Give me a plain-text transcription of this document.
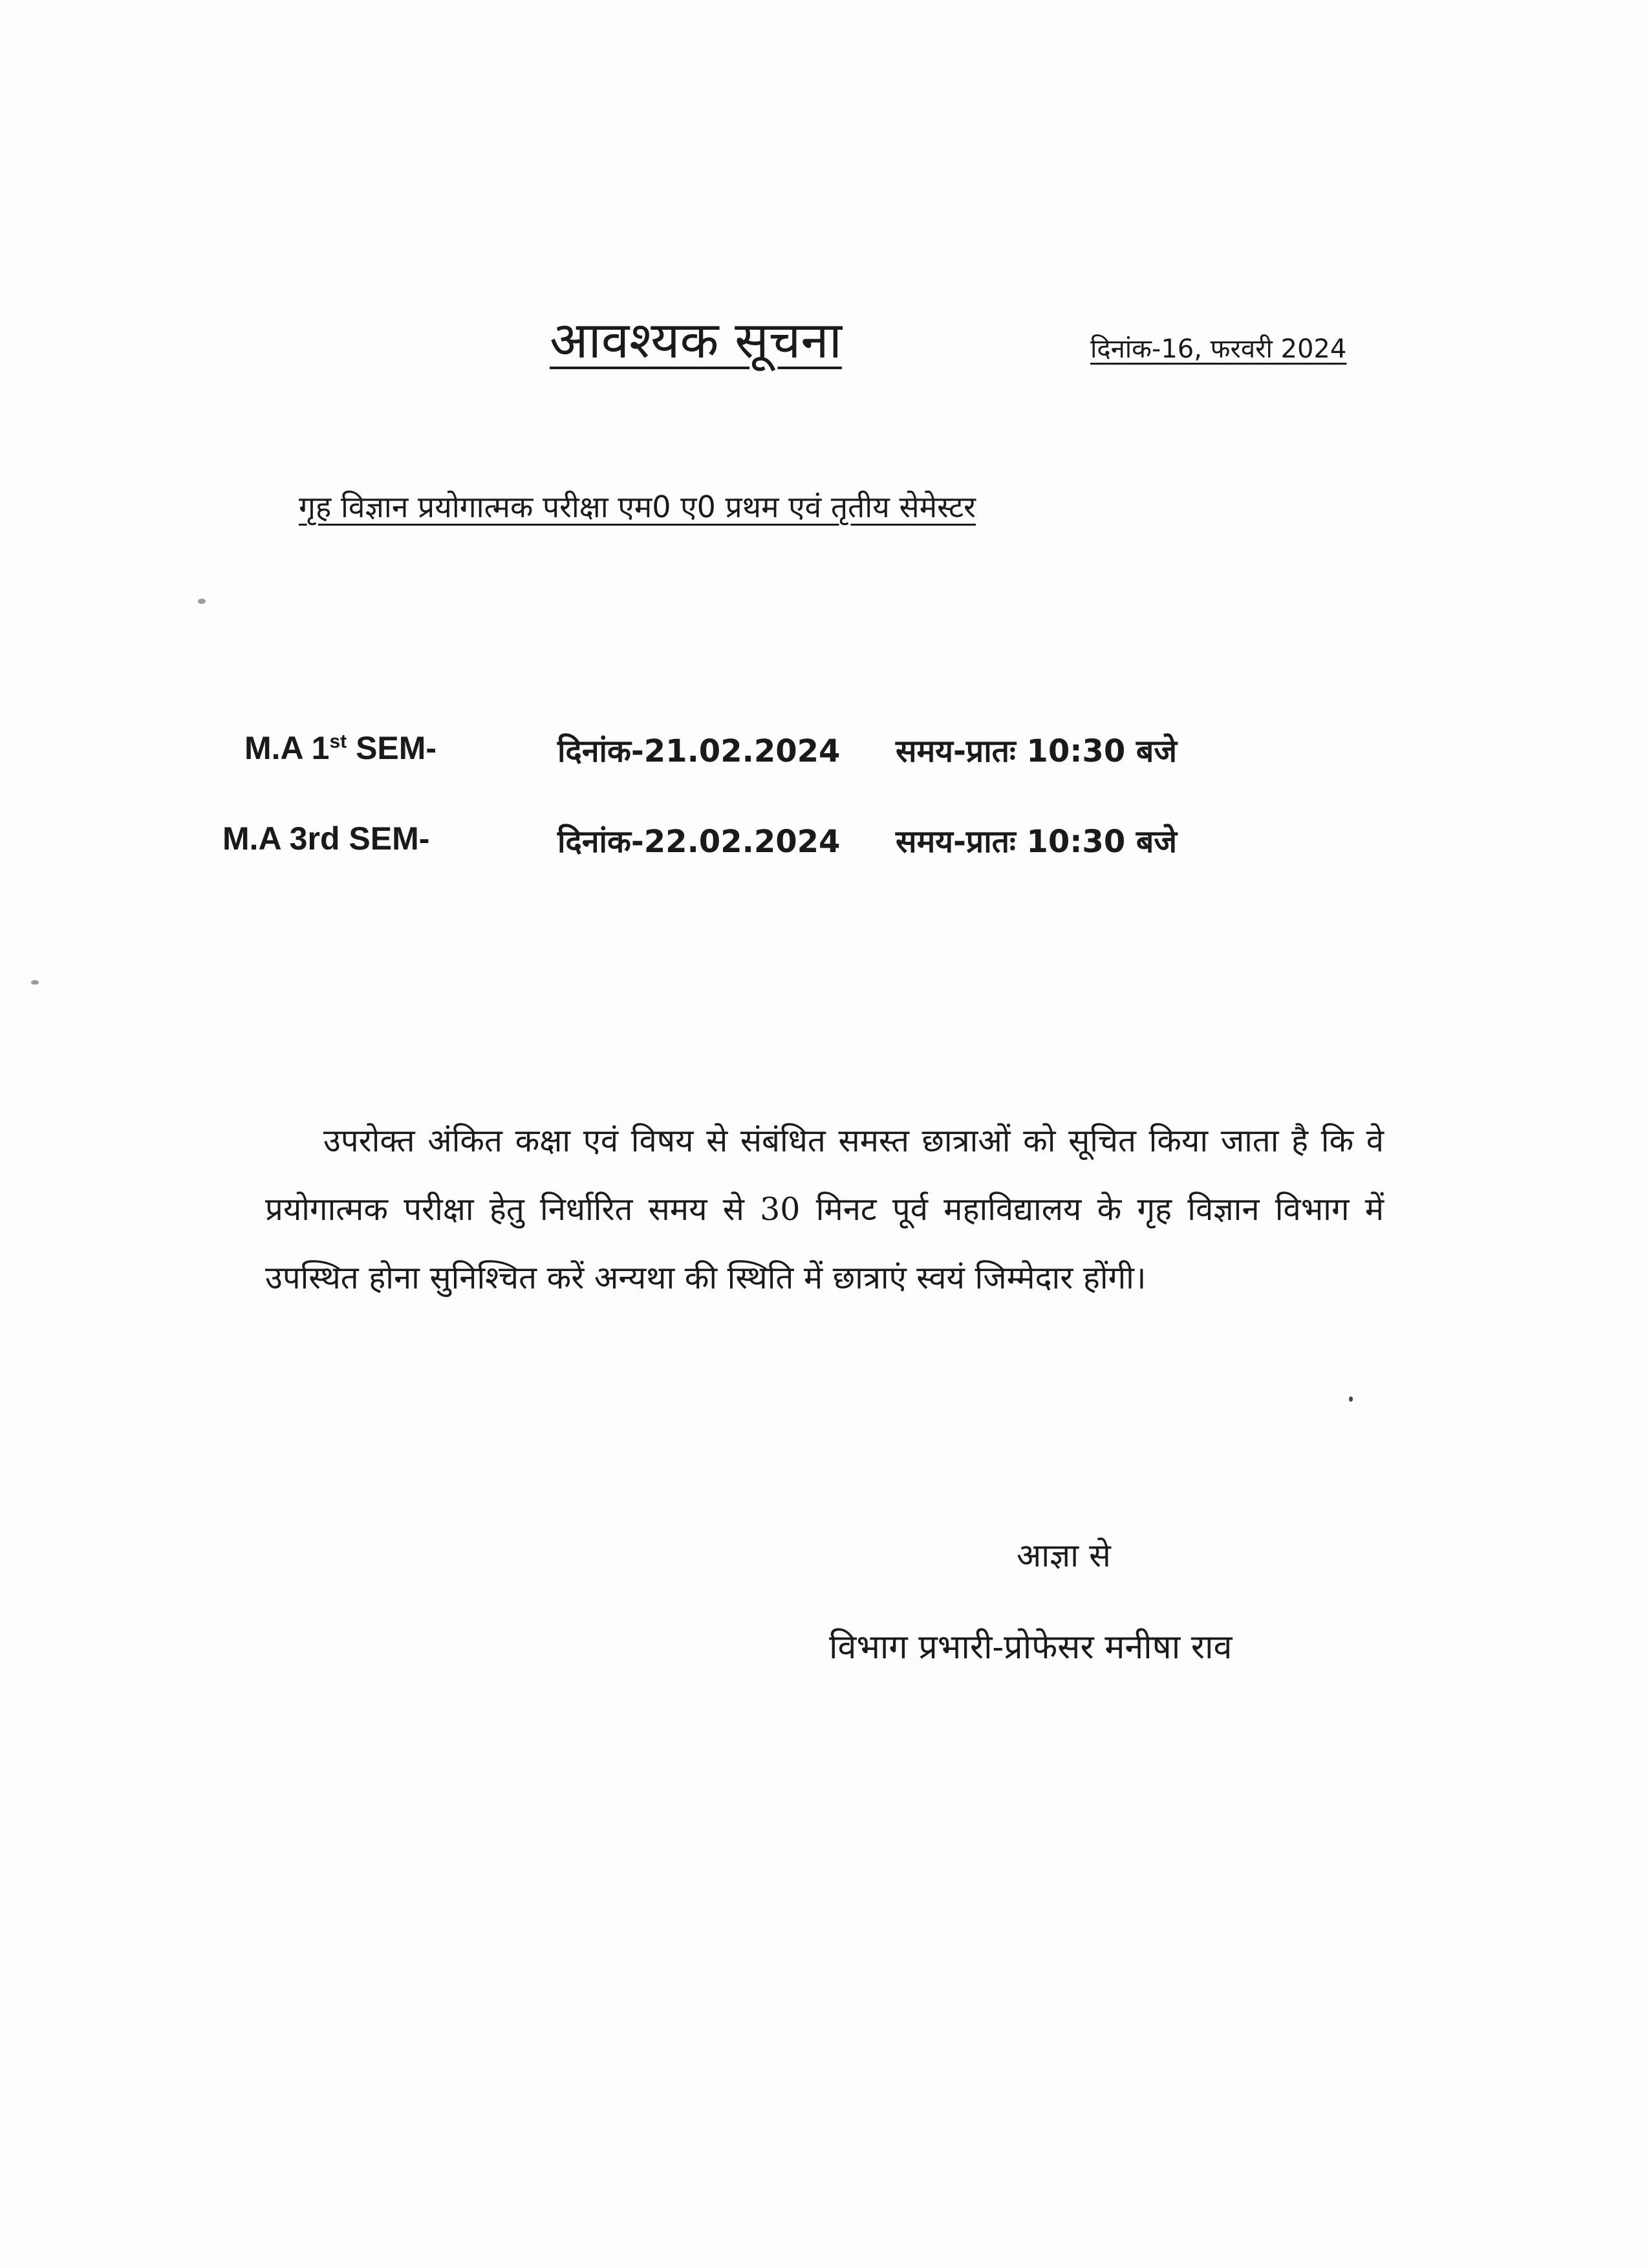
आवश्यक सूचना	दिनांक-16, फरवरी 2024
गृह विज्ञान प्रयोगात्मक परीक्षा एम0 ए0 प्रथम एवं तृतीय सेमेस्टर
M.A 1st SEM-	दिनांक-21.02.2024 समय-प्रातः 10:30 बजे
M.A 3rd SEM-	दिनांक-22.02.2024 समय-प्रातः 10:30 बजे
उपरोक्त अंकित कक्षा एवं विषय से संबंधित समस्त छात्राओं को सूचित किया जाता है कि वे प्रयोगात्मक परीक्षा हेतु निर्धारित समय से 30 मिनट पूर्व महाविद्यालय के गृह विज्ञान विभाग में उपस्थित होना सुनिश्चित करें अन्यथा की स्थिति में छात्राएं स्वयं जिम्मेदार होंगी।
आज्ञा से
विभाग प्रभारी-प्रोफेसर मनीषा राव
